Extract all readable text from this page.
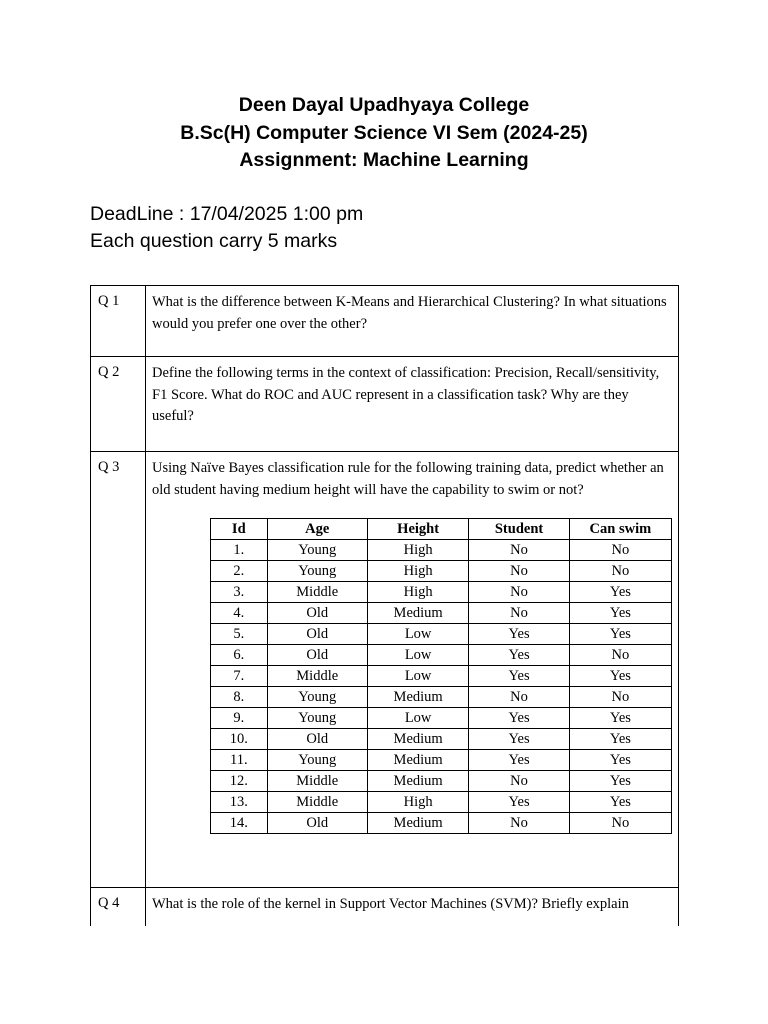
Deen Dayal Upadhyaya College
B.Sc(H) Computer Science VI Sem (2024-25)
Assignment: Machine Learning
DeadLine : 17/04/2025 1:00 pm
Each question carry 5 marks
Q 1	What is the difference between K-Means and Hierarchical Clustering? In what situations would you prefer one over the other?
Q 2	Define the following terms in the context of classification: Precision, Recall/sensitivity, F1 Score. What do ROC and AUC represent in a classification task? Why are they useful?
Q 3	Using Naïve Bayes classification rule for the following training data, predict whether an old student having medium height will have the capability to swim or not?
Id	Age	Height	Student	Can swim
1.	Young	High	No	No
2.	Young	High	No	No
3.	Middle	High	No	Yes
4.	Old	Medium	No	Yes
5.	Old	Low	Yes	Yes
6.	Old	Low	Yes	No
7.	Middle	Low	Yes	Yes
8.	Young	Medium	No	No
9.	Young	Low	Yes	Yes
10.	Old	Medium	Yes	Yes
11.	Young	Medium	Yes	Yes
12.	Middle	Medium	No	Yes
13.	Middle	High	Yes	Yes
14.	Old	Medium	No	No

Q 4	What is the role of the kernel in Support Vector Machines (SVM)? Briefly explain
